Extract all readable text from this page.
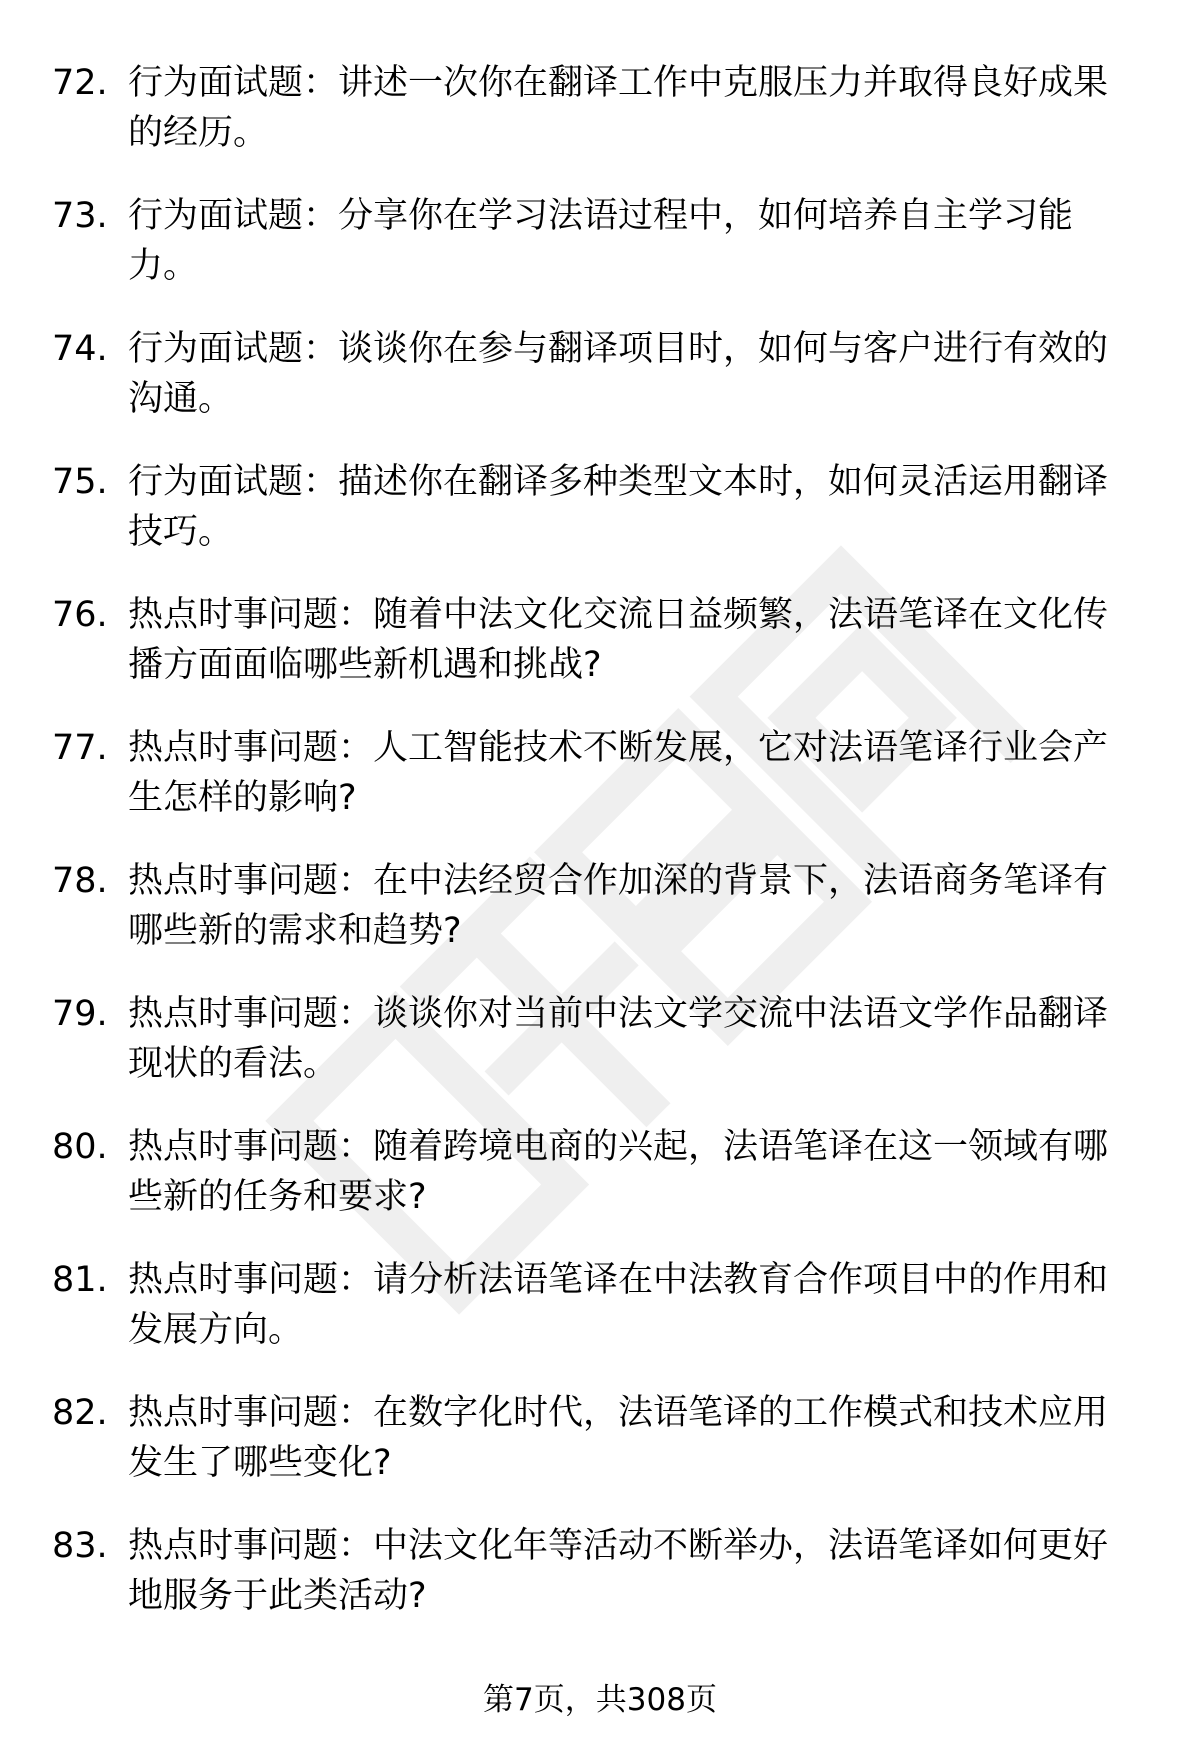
72. 行为面试题：讲述一次你在翻译工作中克服压力并取得良好成果的经历。
73. 行为面试题：分享你在学习法语过程中，如何培养自主学习能力。
74. 行为面试题：谈谈你在参与翻译项目时，如何与客户进行有效的沟通。
75. 行为面试题：描述你在翻译多种类型文本时，如何灵活运用翻译技巧。
76. 热点时事问题：随着中法文化交流日益频繁，法语笔译在文化传播方面面临哪些新机遇和挑战?
77. 热点时事问题：人工智能技术不断发展，它对法语笔译行业会产生怎样的影响?
78. 热点时事问题：在中法经贸合作加深的背景下，法语商务笔译有哪些新的需求和趋势?
79. 热点时事问题：谈谈你对当前中法文学交流中法语文学作品翻译现状的看法。
80. 热点时事问题：随着跨境电商的兴起，法语笔译在这一领域有哪些新的任务和要求?
81. 热点时事问题：请分析法语笔译在中法教育合作项目中的作用和发展方向。
82. 热点时事问题：在数字化时代，法语笔译的工作模式和技术应用发生了哪些变化?
83. 热点时事问题：中法文化年等活动不断举办，法语笔译如何更好地服务于此类活动?
第7页，共308页
